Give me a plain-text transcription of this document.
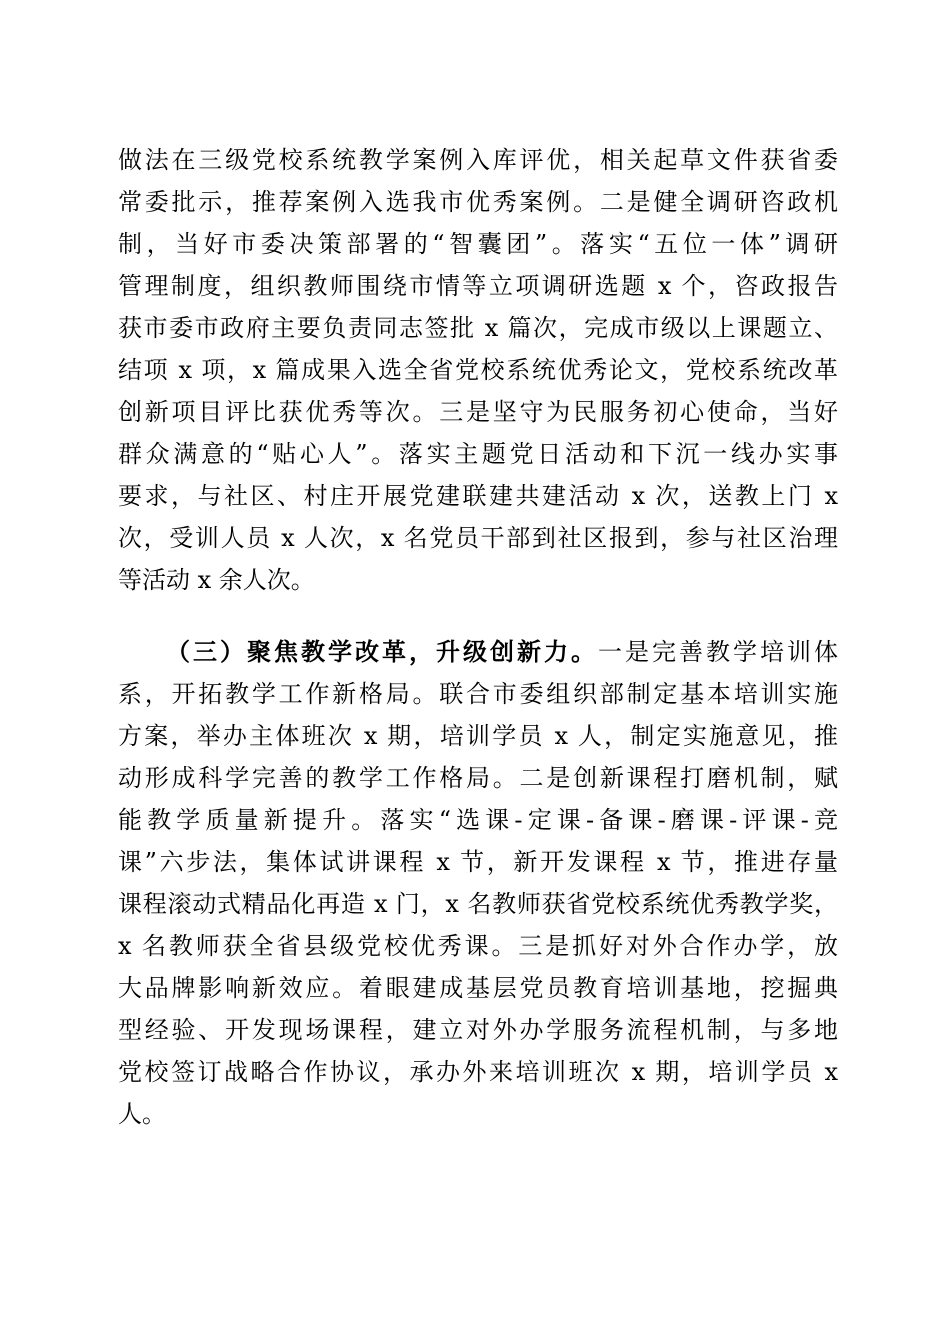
做法在三级党校系统教学案例入库评优，相关起草文件获省委
常委批示，推荐案例入选我市优秀案例。二是健全调研咨政机
制，当好市委决策部署的“智囊团”。落实“五位一体”调研
管理制度，组织教师围绕市情等立项调研选题 x 个，咨政报告
获市委市政府主要负责同志签批 x 篇次，完成市级以上课题立、
结项 x 项，x 篇成果入选全省党校系统优秀论文，党校系统改革
创新项目评比获优秀等次。三是坚守为民服务初心使命，当好
群众满意的“贴心人”。落实主题党日活动和下沉一线办实事
要求，与社区、村庄开展党建联建共建活动 x 次，送教上门 x
次，受训人员 x 人次，x 名党员干部到社区报到，参与社区治理
等活动 x 余人次。
（三）聚焦教学改革，升级创新力。一是完善教学培训体
系，开拓教学工作新格局。联合市委组织部制定基本培训实施
方案，举办主体班次 x 期，培训学员 x 人，制定实施意见，推
动形成科学完善的教学工作格局。二是创新课程打磨机制，赋
能教学质量新提升。落实“选课-定课-备课-磨课-评课-竞
课”六步法，集体试讲课程 x 节，新开发课程 x 节，推进存量
课程滚动式精品化再造 x 门，x 名教师获省党校系统优秀教学奖，
x 名教师获全省县级党校优秀课。三是抓好对外合作办学，放
大品牌影响新效应。着眼建成基层党员教育培训基地，挖掘典
型经验、开发现场课程，建立对外办学服务流程机制，与多地
党校签订战略合作协议，承办外来培训班次 x 期，培训学员 x
人。
